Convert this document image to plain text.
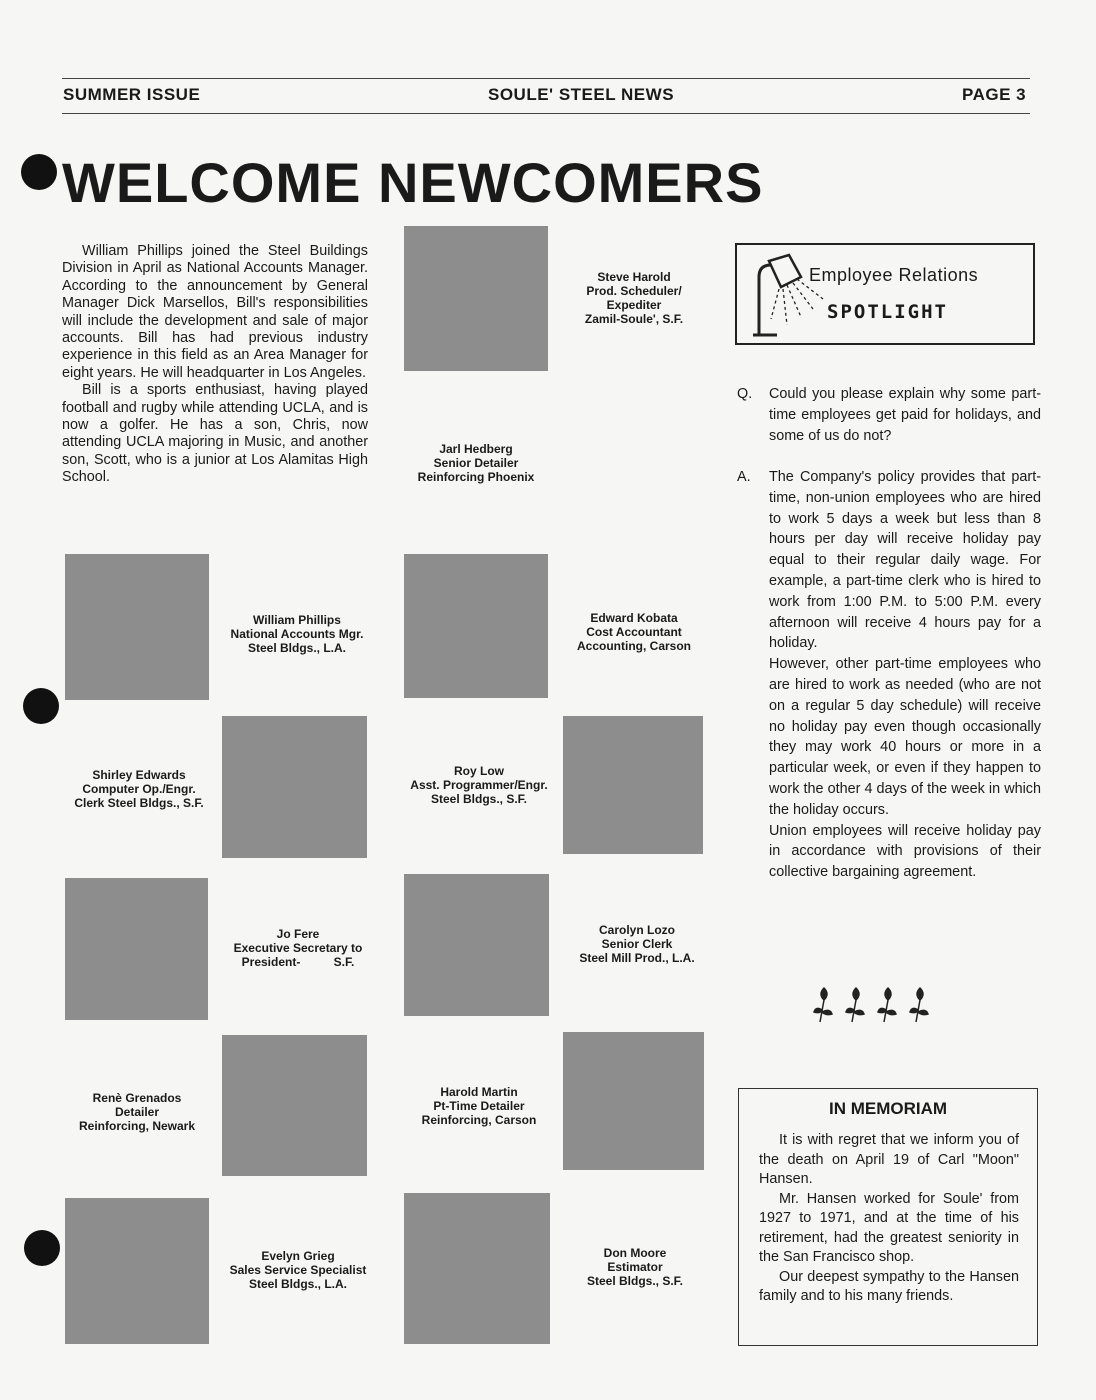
SUMMER ISSUE	SOULE' STEEL NEWS	PAGE 3
WELCOME NEWCOMERS

William Phillips joined the Steel Buildings Division in April as National Accounts Manager. According to the announcement by General Manager Dick Marsellos, Bill's responsibilities will include the development and sale of major accounts. Bill has had previous industry experience in this field as an Area Manager for eight years. He will headquarter in Los Angeles.

Bill is a sports enthusiast, having played football and rugby while attending UCLA, and is now a golfer. He has a son, Chris, now attending UCLA majoring in Music, and another son, Scott, who is a junior at Los Alamitas High School.

Steve Harold
Prod. Scheduler/
Expediter
Zamil-Soule', S.F.
Jarl Hedberg
Senior Detailer
Reinforcing Phoenix
William Phillips
National Accounts Mgr.
Steel Bldgs., L.A.
Edward Kobata
Cost Accountant
Accounting, Carson
Shirley Edwards
Computer Op./Engr.
Clerk Steel Bldgs., S.F.
Roy Low
Asst. Programmer/Engr.
Steel Bldgs., S.F.
Jo Fere
Executive Secretary to
President-          S.F.
Carolyn Lozo
Senior Clerk
Steel Mill Prod., L.A.
Renè Grenados
Detailer
Reinforcing, Newark
Harold Martin
Pt-Time Detailer
Reinforcing, Carson
Evelyn Grieg
Sales Service Specialist
Steel Bldgs., L.A.
Don Moore
Estimator
Steel Bldgs., S.F.
Employee Relations
SPOTLIGHT
Q. Could you please explain why some part-time employees get paid for holidays, and some of us do not?
A. The Company's policy provides that part-time, non-union employees who are hired to work 5 days a week but less than 8 hours per day will receive holiday pay equal to their regular daily wage. For example, a part-time clerk who is hired to work from 1:00 P.M. to 5:00 P.M. every afternoon will receive 4 hours pay for a holiday.
However, other part-time employees who are hired to work as needed (who are not on a regular 5 day schedule) will receive no holiday pay even though occasionally they may work 40 hours or more in a particular week, or even if they happen to work the other 4 days of the week in which the holiday occurs.
Union employees will receive holiday pay in accordance with provisions of their collective bargaining agreement.
IN MEMORIAM

It is with regret that we inform you of the death on April 19 of Carl "Moon" Hansen.

Mr. Hansen worked for Soule' from 1927 to 1971, and at the time of his retirement, had the greatest seniority in the San Francisco shop.

Our deepest sympathy to the Hansen family and to his many friends.
